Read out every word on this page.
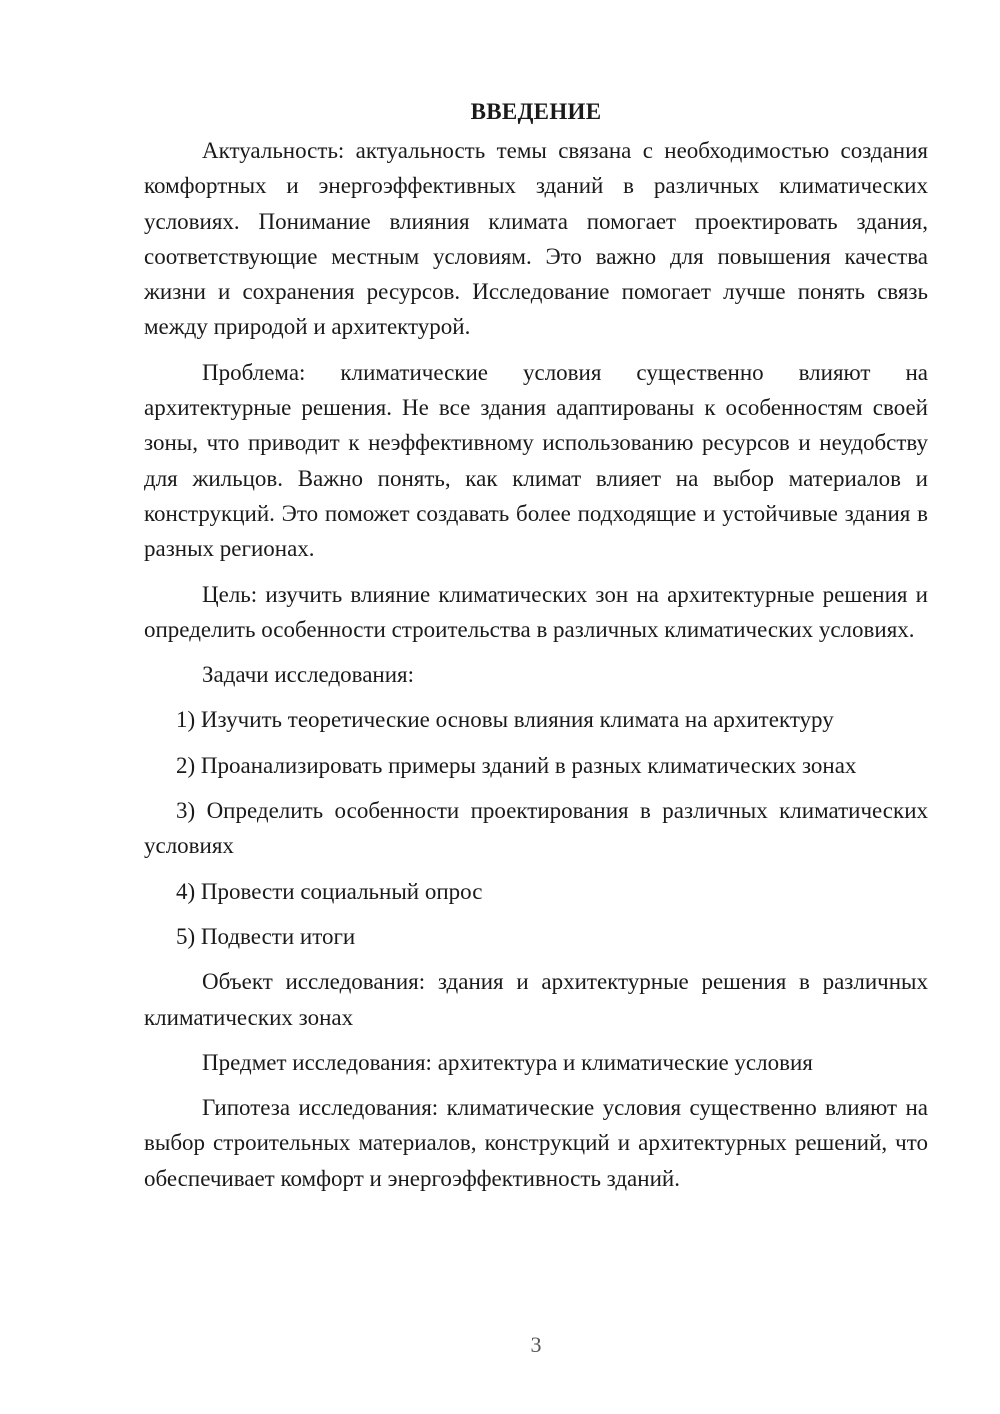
ВВЕДЕНИЕ

Актуальность: актуальность темы связана с необходимостью создания комфортных и энергоэффективных зданий в различных климатических условиях. Понимание влияния климата помогает проектировать здания, соответствующие местным условиям. Это важно для повышения качества жизни и сохранения ресурсов. Исследование помогает лучше понять связь между природой и архитектурой.

Проблема: климатические условия существенно влияют на архитектурные решения. Не все здания адаптированы к особенностям своей зоны, что приводит к неэффективному использованию ресурсов и неудобству для жильцов. Важно понять, как климат влияет на выбор материалов и конструкций. Это поможет создавать более подходящие и устойчивые здания в разных регионах.

Цель: изучить влияние климатических зон на архитектурные решения и определить особенности строительства в различных климатических условиях.

Задачи исследования:

1) Изучить теоретические основы влияния климата на архитектуру

2) Проанализировать примеры зданий в разных климатических зонах

3) Определить особенности проектирования в различных климатических условиях

4) Провести социальный опрос

5) Подвести итоги

Объект исследования: здания и архитектурные решения в различных климатических зонах

Предмет исследования: архитектура и климатические условия

Гипотеза исследования: климатические условия существенно влияют на выбор строительных материалов, конструкций и архитектурных решений, что обеспечивает комфорт и энергоэффективность зданий.

3
